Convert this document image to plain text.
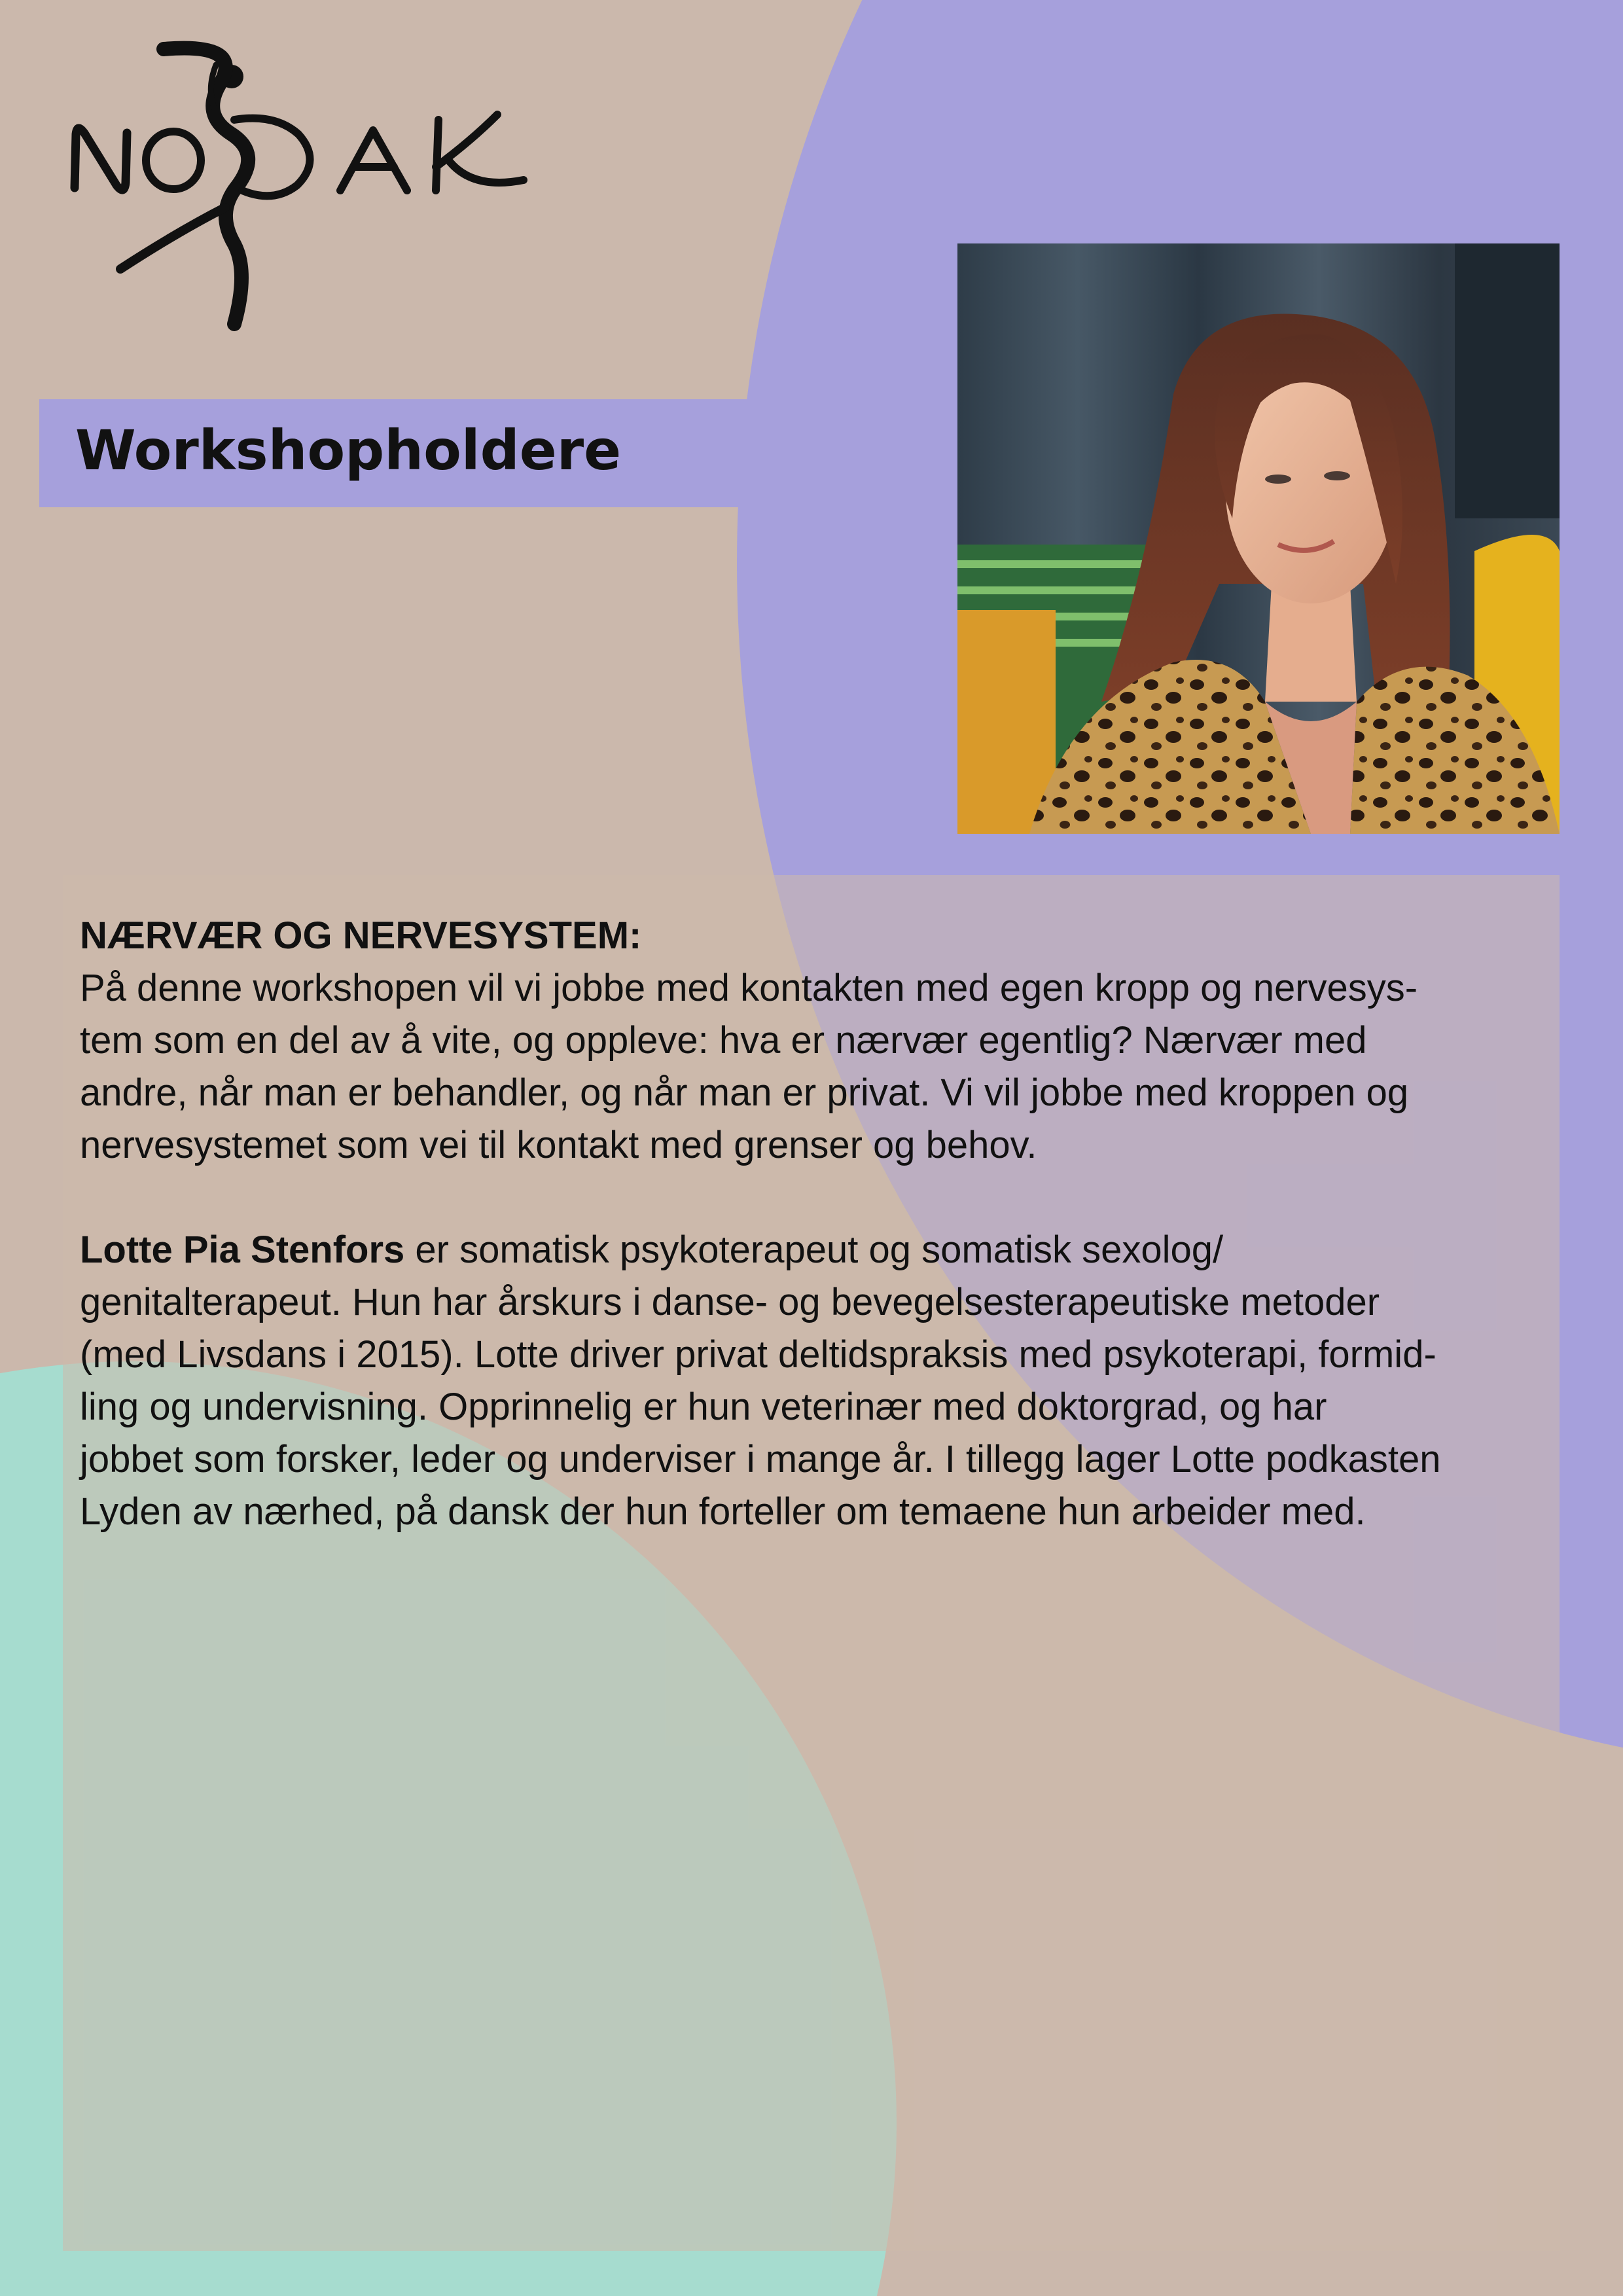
Workshopholdere
NÆRVÆR OG NERVESYSTEM:
På denne workshopen vil vi jobbe med kontakten med egen kropp og nervesys-
tem som en del av å vite, og oppleve: hva er nærvær egentlig? Nærvær med
andre, når man er behandler, og når man er privat. Vi vil jobbe med kroppen og
nervesystemet som vei til kontakt med grenser og behov.
Lotte Pia Stenfors er somatisk psykoterapeut og somatisk sexolog/
genitalterapeut. Hun har årskurs i danse- og bevegelsesterapeutiske metoder
(med Livsdans i 2015). Lotte driver privat deltidspraksis med psykoterapi, formid-
ling og undervisning. Opprinnelig er hun veterinær med doktorgrad, og har
jobbet som forsker, leder og underviser i mange år. I tillegg lager Lotte podkasten
Lyden av nærhed, på dansk der hun forteller om temaene hun arbeider med.
